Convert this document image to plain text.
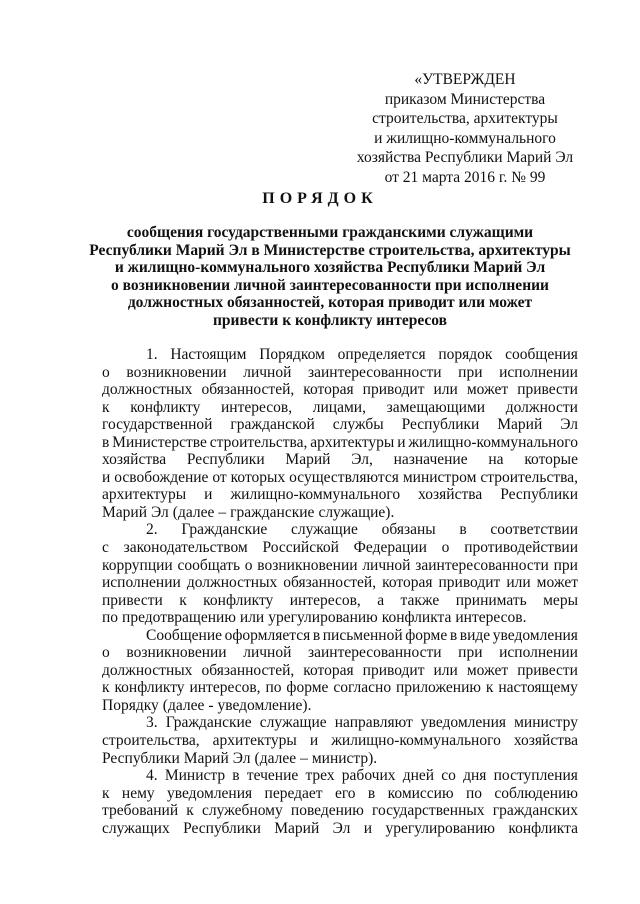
«УТВЕРЖДЕН
приказом Министерства
строительства, архитектуры
и жилищно-коммунального
хозяйства Республики Марий Эл
от 21 марта 2016 г. № 99
ПОРЯДОК
сообщения государственными гражданскими служащими
Республики Марий Эл в Министерстве строительства, архитектуры
и жилищно-коммунального хозяйства Республики Марий Эл
о возникновении личной заинтересованности при исполнении
должностных обязанностей, которая приводит или может
привести к конфликту интересов
1. Настоящим Порядком определяется порядок сообщения
о возникновении личной заинтересованности при исполнении
должностных обязанностей, которая приводит или может привести
к конфликту интересов, лицами, замещающими должности
государственной гражданской службы Республики Марий Эл
в Министерстве строительства, архитектуры и жилищно-коммунального
хозяйства Республики Марий Эл, назначение на которые
и освобождение от которых осуществляются министром строительства,
архитектуры и жилищно-коммунального хозяйства Республики
Марий Эл (далее – гражданские служащие).
2. Гражданские служащие обязаны в соответствии
с законодательством Российской Федерации о противодействии
коррупции сообщать о возникновении личной заинтересованности при
исполнении должностных обязанностей, которая приводит или может
привести к конфликту интересов, а также принимать меры
по предотвращению или урегулированию конфликта интересов.
Сообщение оформляется в письменной форме в виде уведомления
о возникновении личной заинтересованности при исполнении
должностных обязанностей, которая приводит или может привести
к конфликту интересов, по форме согласно приложению к настоящему
Порядку (далее - уведомление).
3. Гражданские служащие направляют уведомления министру
строительства, архитектуры и жилищно-коммунального хозяйства
Республики Марий Эл (далее – министр).
4. Министр в течение трех рабочих дней со дня поступления
к нему уведомления передает его в комиссию по соблюдению
требований к служебному поведению государственных гражданских
служащих Республики Марий Эл и урегулированию конфликта
